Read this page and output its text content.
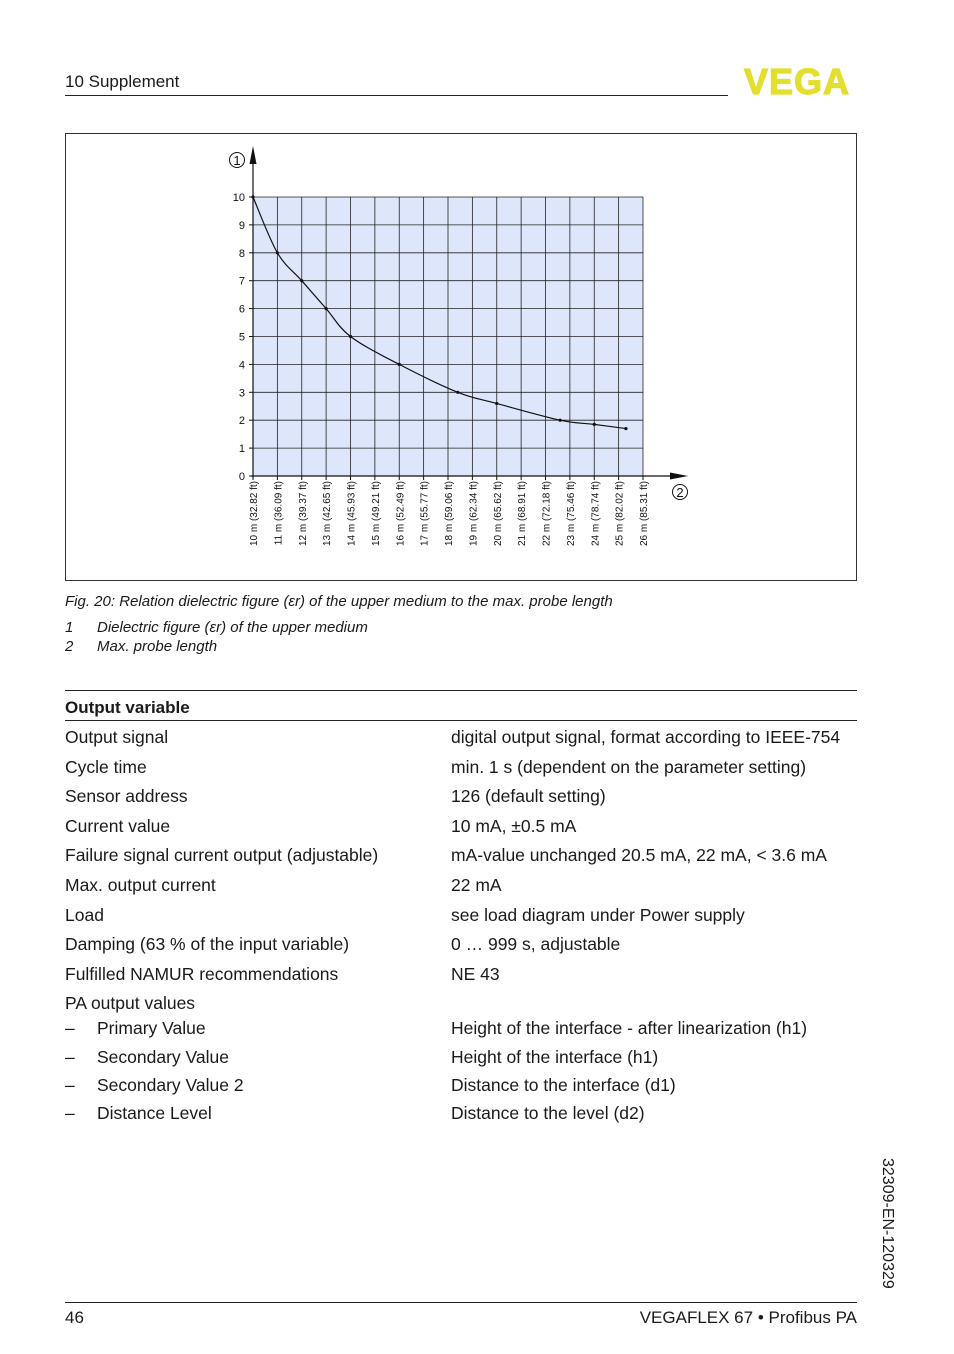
10 Supplement	VEGA
0
1
2
3
4
5
6
7
8
9
10
10 m (32.82 ft) 11 m (36.09 ft) 12 m (39.37 ft) 13 m (42.65 ft) 14 m (45.93 ft) 15 m (49.21 ft) 16 m (52.49 ft) 17 m (55.77 ft) 18 m (59.06 ft) 19 m (62.34 ft) 20 m (65.62 ft) 21 m (68.91 ft) 22 m (72.18 ft) 23 m (75.46 ft) 24 m (78.74 ft) 25 m (82.02 ft) 26 m (85.31 ft)
1
2
Fig. 20: Relation dielectric figure (εr) of the upper medium to the max. probe length
1 Dielectric figure (εr) of the upper medium
2 Max. probe length
Output variable
Output signal	digital output signal, format according to IEEE-754
Cycle time	min. 1 s (dependent on the parameter setting)
Sensor address	126 (default setting)
Current value	10 mA, ±0.5 mA
Failure signal current output (adjustable)	mA-value unchanged 20.5 mA, 22 mA, < 3.6 mA
Max. output current	22 mA
Load	see load diagram under Power supply
Damping (63 % of the input variable)	0 … 999 s, adjustable
Fulfilled NAMUR recommendations	NE 43
PA output values
– Primary Value	Height of the interface - after linearization (h1)
– Secondary Value	Height of the interface (h1)
– Secondary Value 2	Distance to the interface (d1)
– Distance Level	Distance to the level (d2)
32309-EN-120329
46	VEGAFLEX 67 • Profibus PA
